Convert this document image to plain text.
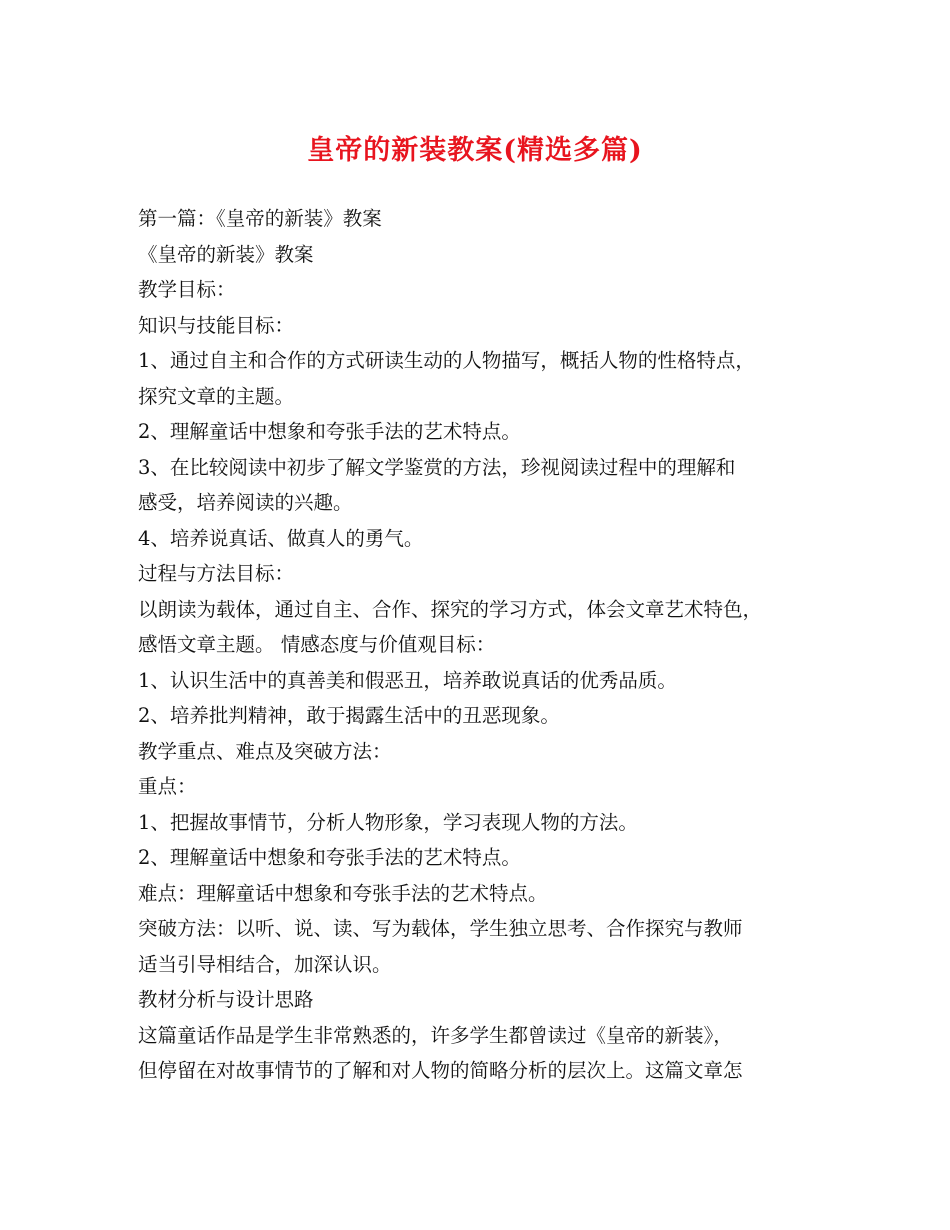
皇帝的新装教案(精选多篇)
第一篇：《皇帝的新装》教案
《皇帝的新装》教案
教学目标：
知识与技能目标：
1、通过自主和合作的方式研读生动的人物描写，概括人物的性格特点，
探究文章的主题。
2、理解童话中想象和夸张手法的艺术特点。
3、在比较阅读中初步了解文学鉴赏的方法，珍视阅读过程中的理解和
感受，培养阅读的兴趣。
4、培养说真话、做真人的勇气。
过程与方法目标：
以朗读为载体，通过自主、合作、探究的学习方式，体会文章艺术特色，
感悟文章主题。 情感态度与价值观目标：
1、认识生活中的真善美和假恶丑，培养敢说真话的优秀品质。
2、培养批判精神，敢于揭露生活中的丑恶现象。
教学重点、难点及突破方法：
重点：
1、把握故事情节，分析人物形象，学习表现人物的方法。
2、理解童话中想象和夸张手法的艺术特点。
难点：理解童话中想象和夸张手法的艺术特点。
突破方法：以听、说、读、写为载体，学生独立思考、合作探究与教师
适当引导相结合，加深认识。
教材分析与设计思路
这篇童话作品是学生非常熟悉的，许多学生都曾读过《皇帝的新装》，
但停留在对故事情节的了解和对人物的简略分析的层次上。这篇文章怎
